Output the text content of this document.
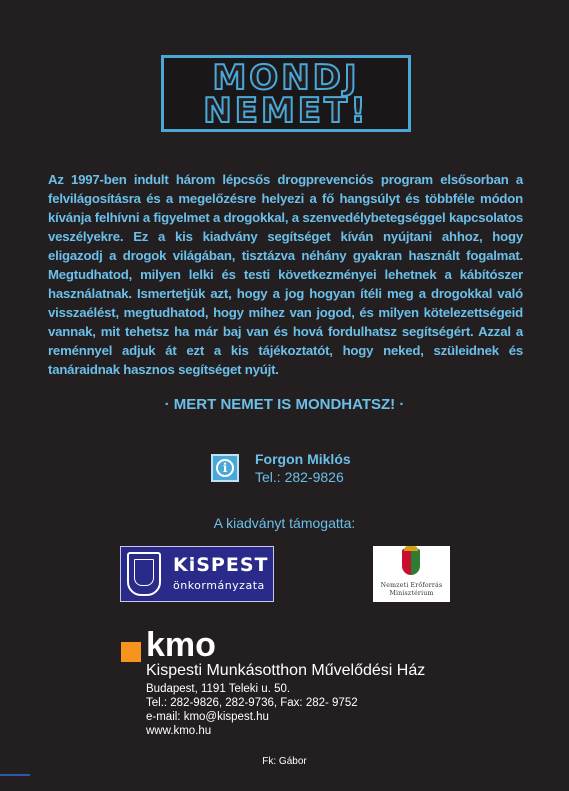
MONDJ
NEMET!
Az 1997-ben indult három lépcsős drogprevenciós program elsősorban a felvilágosításra és a megelőzésre helyezi a fő hangsúlyt és többféle módon kívánja felhívni a figyelmet a drogokkal, a szenvedélybetegséggel kapcsolatos veszélyekre. Ez a kis kiadvány segítséget kíván nyújtani ahhoz, hogy eligazodj a drogok világában, tisztázva néhány gyakran használt fogalmat. Megtudhatod, milyen lelki és testi következményei lehetnek a kábítószer használatnak. Ismertetjük azt, hogy a jog hogyan ítéli meg a drogokkal való visszaélést, megtudhatod, hogy mihez van jogod, és milyen kötelezettségeid vannak, mit tehetsz ha már baj van és hová fordulhatsz segítségért. Azzal a reménnyel adjuk át ezt a kis tájékoztatót, hogy neked, szüleidnek és tanáraidnak hasznos segítséget nyújt.
· MERT NEMET IS MONDHATSZ! ·
i
Forgon Miklós
Tel.: 282-9826
A kiadványt támogatta:
KiSPEST
önkormányzata	Nemzeti Erőforrás
Minisztérium
kmo
Kispesti Munkásotthon Művelődési Ház
Budapest, 1191 Teleki u. 50.
Tel.: 282-9826, 282-9736, Fax: 282- 9752
e-mail: kmo@kispest.hu
www.kmo.hu
Fk: Gábor
